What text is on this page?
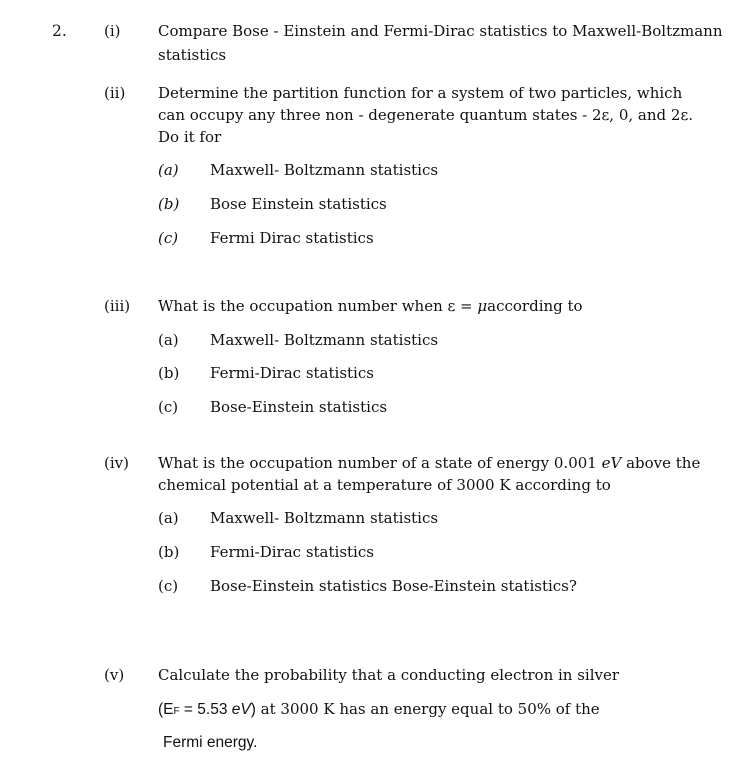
2. (i) Compare Bose - Einstein and Fermi-Dirac statistics to Maxwell-Boltzmann
statistics
(ii) Determine the partition function for a system of two particles, which
can occupy any three non - degenerate quantum states - 2ε, 0, and 2ε.
Do it for
(a) Maxwell- Boltzmann statistics
(b) Bose Einstein statistics
(c) Fermi Dirac statistics
(iii) What is the occupation number when ε = μaccording to
(a) Maxwell- Boltzmann statistics
(b) Fermi-Dirac statistics
(c) Bose-Einstein statistics
(iv) What is the occupation number of a state of energy 0.001 eV above the
chemical potential at a temperature of 3000 K according to
(a) Maxwell- Boltzmann statistics
(b) Fermi-Dirac statistics
(c) Bose-Einstein statistics Bose-Einstein statistics?
(v) Calculate the probability that a conducting electron in silver
(EF = 5.53 eV) at 3000 K has an energy equal to 50% of the
Fermi energy.
